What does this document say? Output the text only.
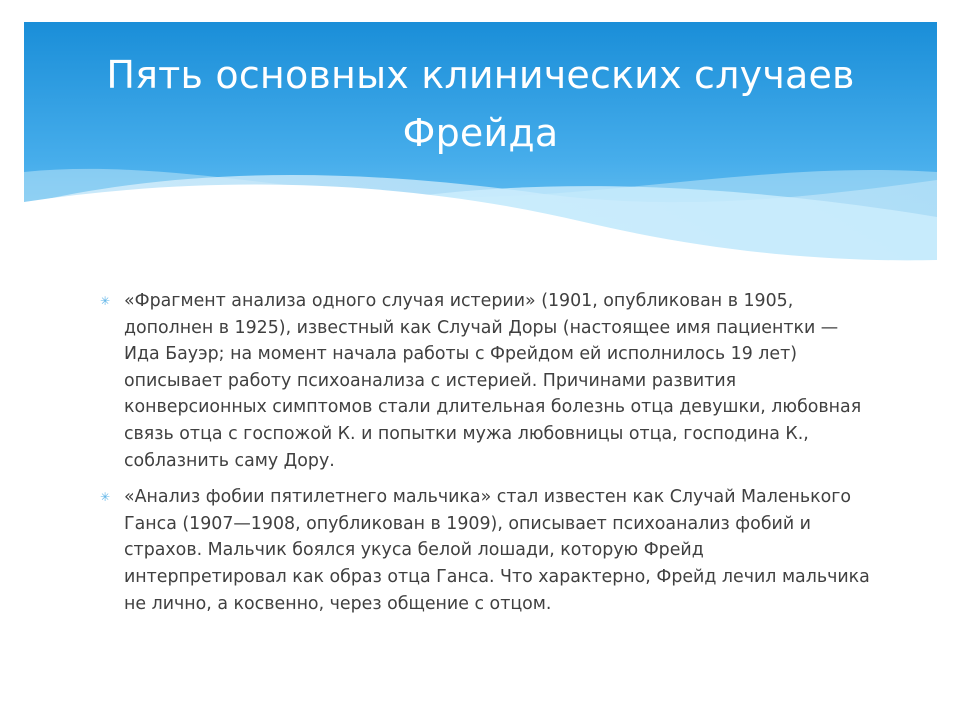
Пять основных клинических случаев
Фрейда
✳ «Фрагмент анализа одного случая истерии» (1901, опубликован в 1905, дополнен в 1925), известный как Случай Доры (настоящее имя пациентки — Ида Бауэр; на момент начала работы с Фрейдом ей исполнилось 19 лет) описывает работу психоанализа с истерией. Причинами развития конверсионных симптомов стали длительная болезнь отца девушки, любовная связь отца с госпожой К. и попытки мужа любовницы отца, господина К., соблазнить саму Дору.
✳ «Анализ фобии пятилетнего мальчика» стал известен как Случай Маленького Ганса (1907—1908, опубликован в 1909), описывает психоанализ фобий и страхов. Мальчик боялся укуса белой лошади, которую Фрейд интерпретировал как образ отца Ганса. Что характерно, Фрейд лечил мальчика не лично, а косвенно, через общение с отцом.
